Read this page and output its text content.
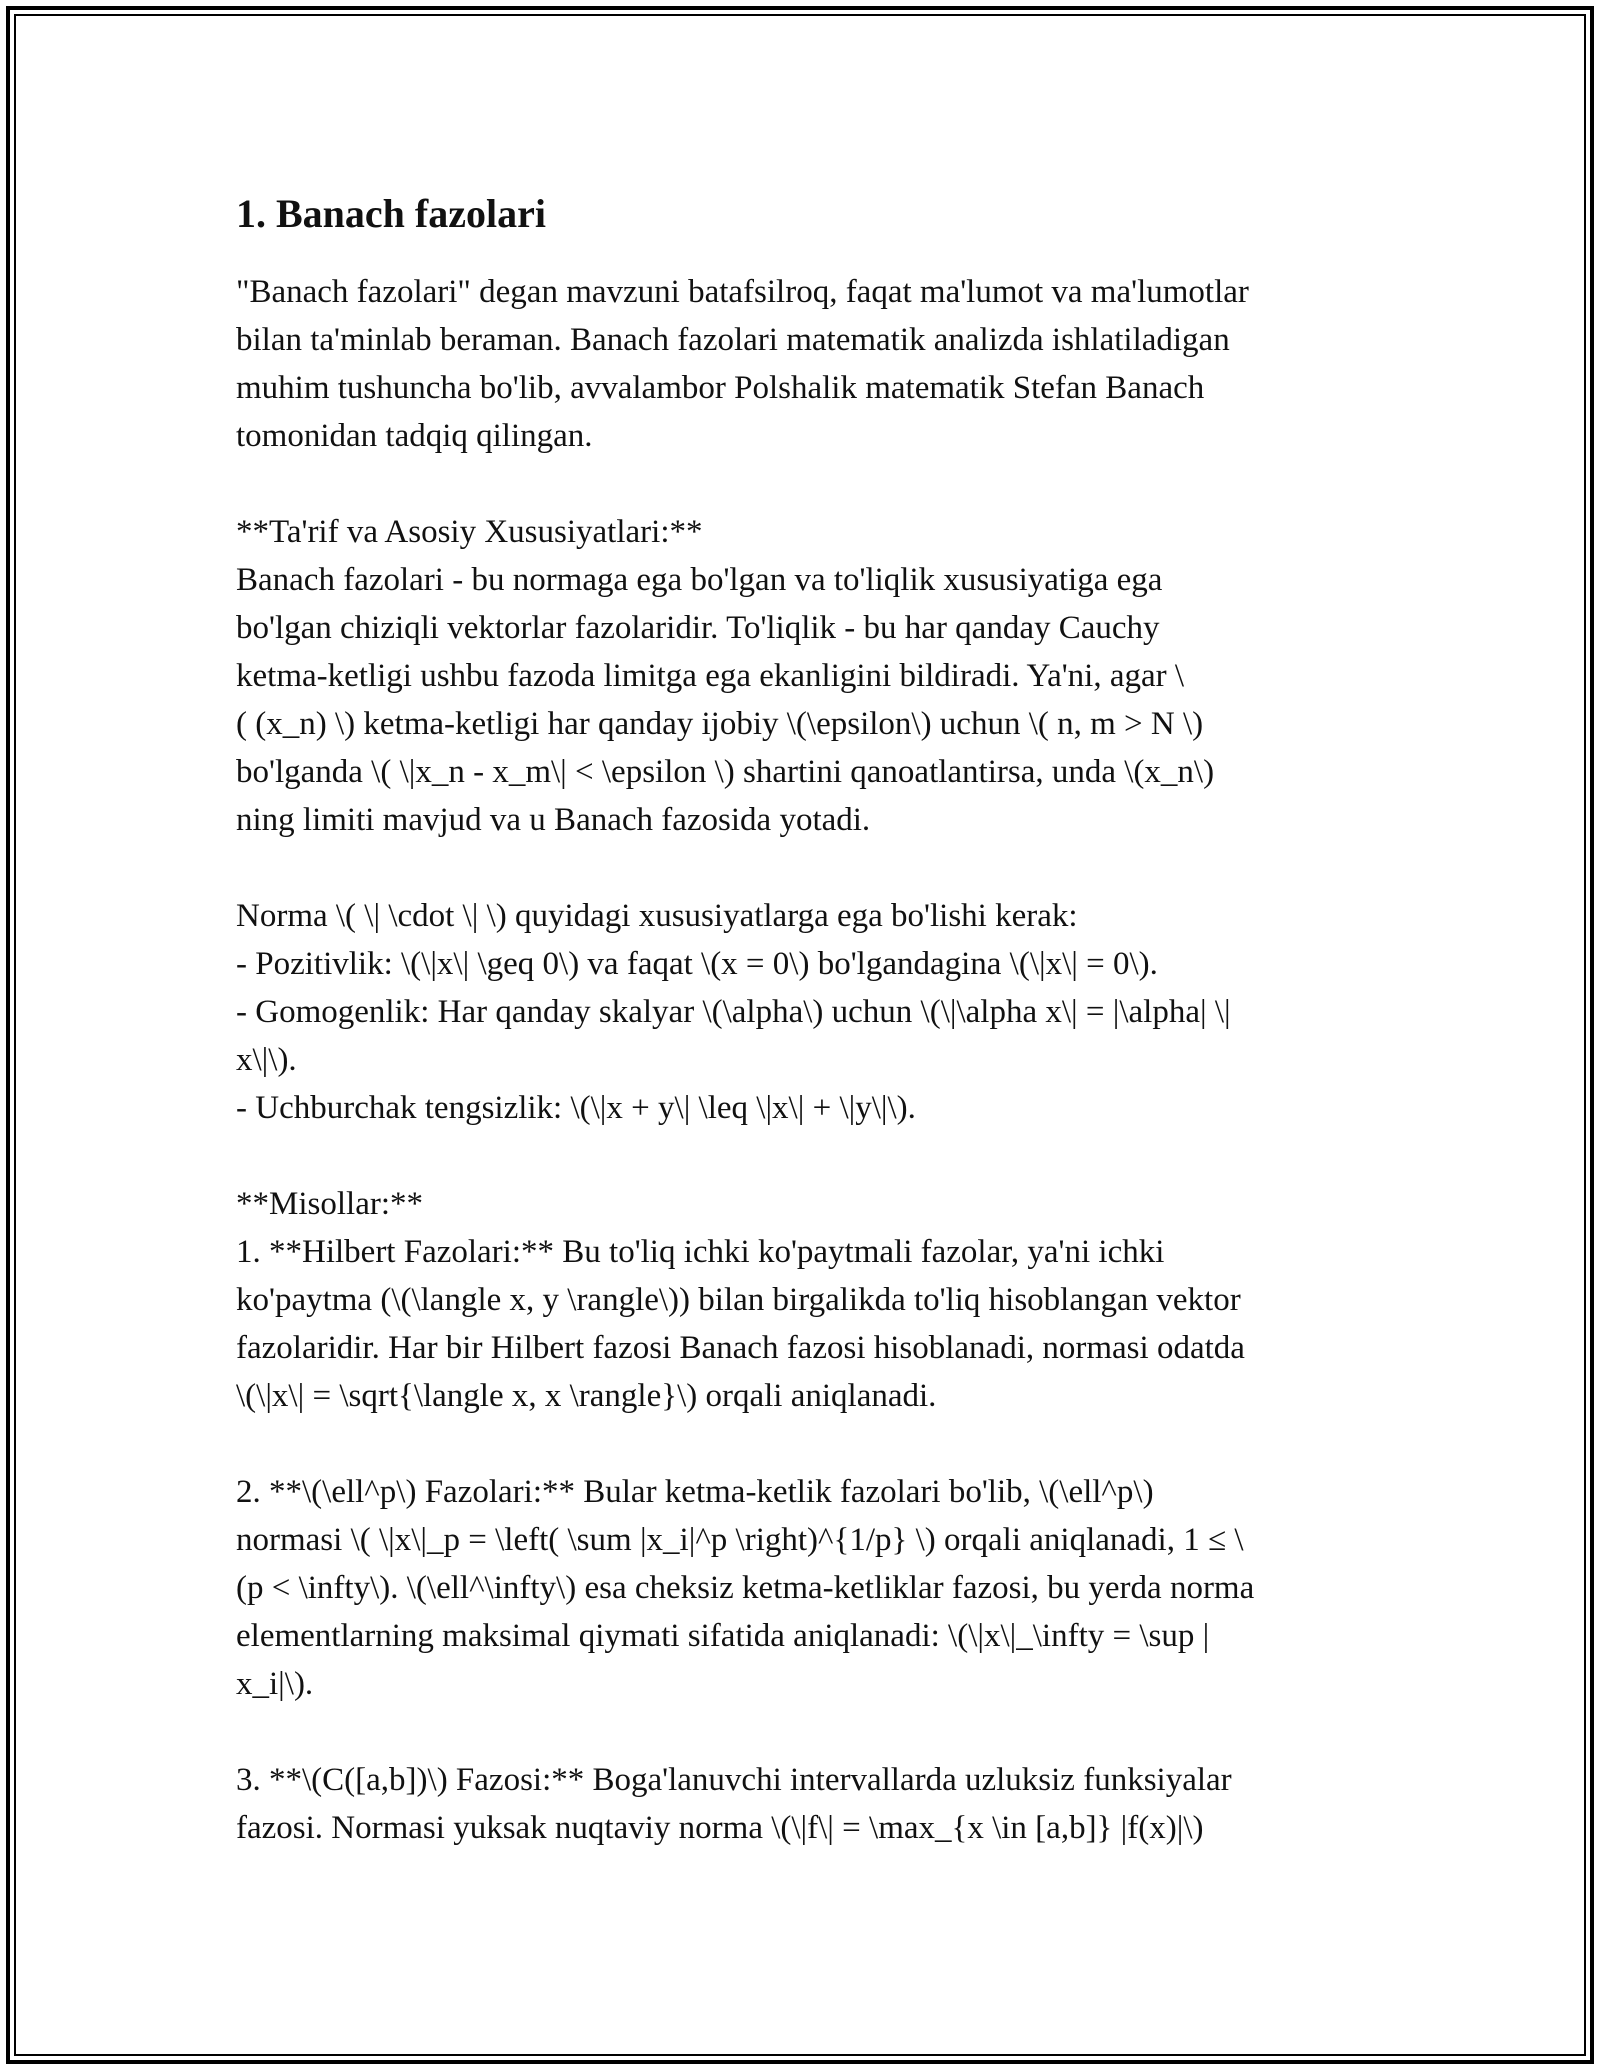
1. Banach fazolari

"Banach fazolari" degan mavzuni batafsilroq, faqat ma'lumot va ma'lumotlar

bilan ta'minlab beraman. Banach fazolari matematik analizda ishlatiladigan

muhim tushuncha bo'lib, avvalambor Polshalik matematik Stefan Banach

tomonidan tadqiq qilingan.

**Ta'rif va Asosiy Xususiyatlari:**

Banach fazolari - bu normaga ega bo'lgan va to'liqlik xususiyatiga ega

bo'lgan chiziqli vektorlar fazolaridir. To'liqlik - bu har qanday Cauchy

ketma-ketligi ushbu fazoda limitga ega ekanligini bildiradi. Ya'ni, agar \

( (x_n) \) ketma-ketligi har qanday ijobiy \(\epsilon\) uchun \( n, m > N \)

bo'lganda \( \|x_n - x_m\| < \epsilon \) shartini qanoatlantirsa, unda \(x_n\)

ning limiti mavjud va u Banach fazosida yotadi.

Norma \( \| \cdot \| \) quyidagi xususiyatlarga ega bo'lishi kerak:

- Pozitivlik: \(\|x\| \geq 0\) va faqat \(x = 0\) bo'lgandagina \(\|x\| = 0\).

- Gomogenlik: Har qanday skalyar \(\alpha\) uchun \(\|\alpha x\| = |\alpha| \|

x\|\).

- Uchburchak tengsizlik: \(\|x + y\| \leq \|x\| + \|y\|\).

**Misollar:**

1. **Hilbert Fazolari:** Bu to'liq ichki ko'paytmali fazolar, ya'ni ichki

ko'paytma (\(\langle x, y \rangle\)) bilan birgalikda to'liq hisoblangan vektor

fazolaridir. Har bir Hilbert fazosi Banach fazosi hisoblanadi, normasi odatda

\(\|x\| = \sqrt{\langle x, x \rangle}\) orqali aniqlanadi.

2. **\(\ell^p\) Fazolari:** Bular ketma-ketlik fazolari bo'lib, \(\ell^p\)

normasi \( \|x\|_p = \left( \sum |x_i|^p \right)^{1/p} \) orqali aniqlanadi, 1 ≤ \

(p < \infty\). \(\ell^\infty\) esa cheksiz ketma-ketliklar fazosi, bu yerda norma

elementlarning maksimal qiymati sifatida aniqlanadi: \(\|x\|_\infty = \sup |

x_i|\).

3. **\(C([a,b])\) Fazosi:** Boga'lanuvchi intervallarda uzluksiz funksiyalar

fazosi. Normasi yuksak nuqtaviy norma \(\|f\| = \max_{x \in [a,b]} |f(x)|\)
